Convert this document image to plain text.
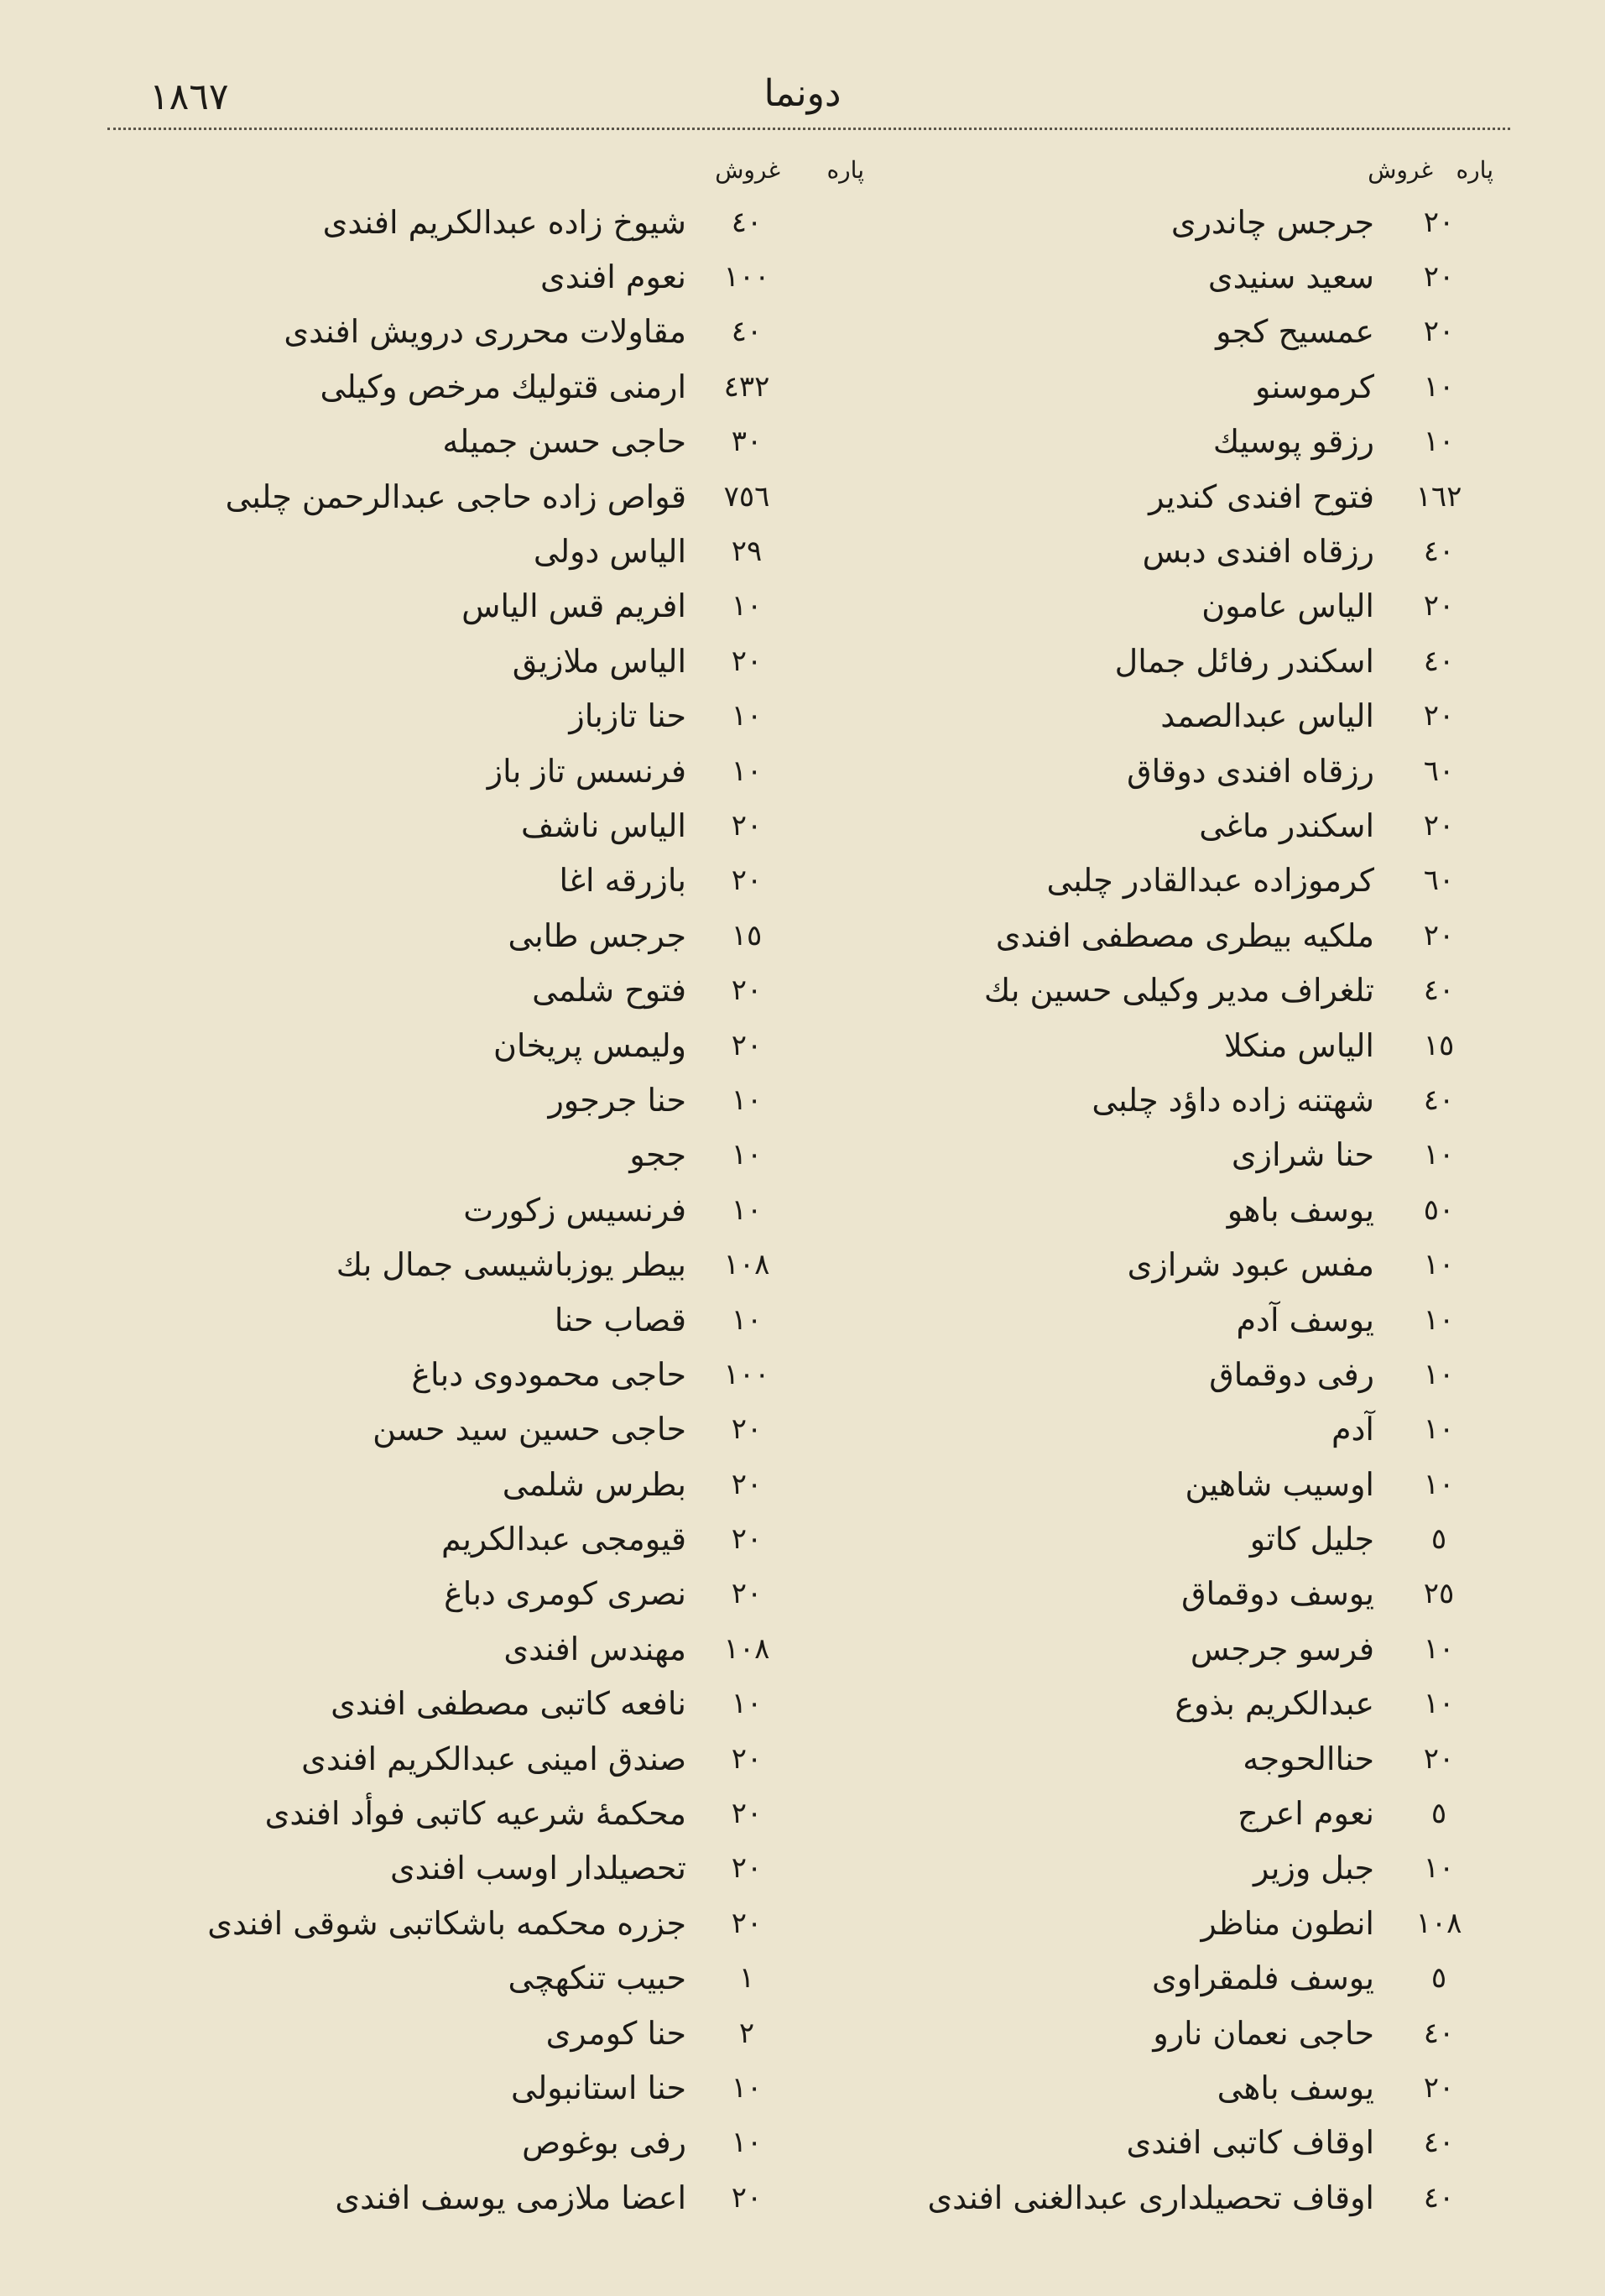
١٨٦٧	دونما
پاره
غروش
٢٠
جرجس چاندری
٢٠
سعيد سنيدى
٢٠
عمسيح كجو
١٠
كرموسنو
١٠
رزقو پوسيك
١٦٢
فتوح افندى كندير
٤٠
رزقاه افندى دبس
٢٠
الياس عامون
٤٠
اسكندر رفائل جمال
٢٠
الياس عبدالصمد
٦٠
رزقاه افندى دوقاق
٢٠
اسكندر ماغى
٦٠
كرموزاده عبدالقادر چلبى
٢٠
ملكيه بيطرى مصطفى افندى
٤٠
تلغراف مدير وكيلى حسين بك
١٥
الياس منكلا
٤٠
شهتنه زاده داؤد چلبى
١٠
حنا شرازى
٥٠
يوسف باهو
١٠
مفس عبود شرازى
١٠
يوسف آدم
١٠
رفى دوقماق
١٠
آدم
١٠
اوسيب شاهين
٥
جليل كاتو
٢٥
يوسف دوقماق
١٠
فرسو جرجس
١٠
عبدالكريم بذوع
٢٠
حناالحوجه
٥
نعوم اعرج
١٠
جبل وزير
١٠٨
انطون مناظر
٥
يوسف فلمقراوى
٤٠
حاجى نعمان نارو
٢٠
يوسف باهى
٤٠
اوقاف كاتبى افندى
٤٠
اوقاف تحصيلدارى عبدالغنى افندى
پاره
غروش
٤٠
شيوخ زاده عبدالكريم افندى
١٠٠
نعوم افندى
٤٠
مقاولات محررى درويش افندى
٤٣٢
ارمنى قتوليك مرخص وكيلى
٣٠
حاجى حسن جميله
٧٥٦
قواص زاده حاجى عبدالرحمن چلبى
٢٩
الياس دولى
١٠
افريم قس الياس
٢٠
الياس ملازيق
١٠
حنا تازباز
١٠
فرنسس تاز باز
٢٠
الياس ناشف
٢٠
بازرقه اغا
١٥
جرجس طابى
٢٠
فتوح شلمى
٢٠
وليمس پريخان
١٠
حنا جرجور
١٠
ججو
١٠
فرنسيس زكورت
١٠٨
بيطر يوزباشيسى جمال بك
١٠
قصاب حنا
١٠٠
حاجى محمودوى دباغ
٢٠
حاجى حسين سيد حسن
٢٠
بطرس شلمى
٢٠
قيومجى عبدالكريم
٢٠
نصرى كومرى دباغ
١٠٨
مهندس افندى
١٠
نافعه كاتبى مصطفى افندى
٢٠
صندق امينى عبدالكريم افندى
٢٠
محكمهٔ شرعيه كاتبى فوأد افندى
٢٠
تحصيلدار اوسب افندى
٢٠
جزره محكمه باشكاتبى شوقى افندى
١
حبيب تنكهچى
٢
حنا كومرى
١٠
حنا استانبولى
١٠
رفى بوغوص
٢٠
اعضا ملازمى يوسف افندى
